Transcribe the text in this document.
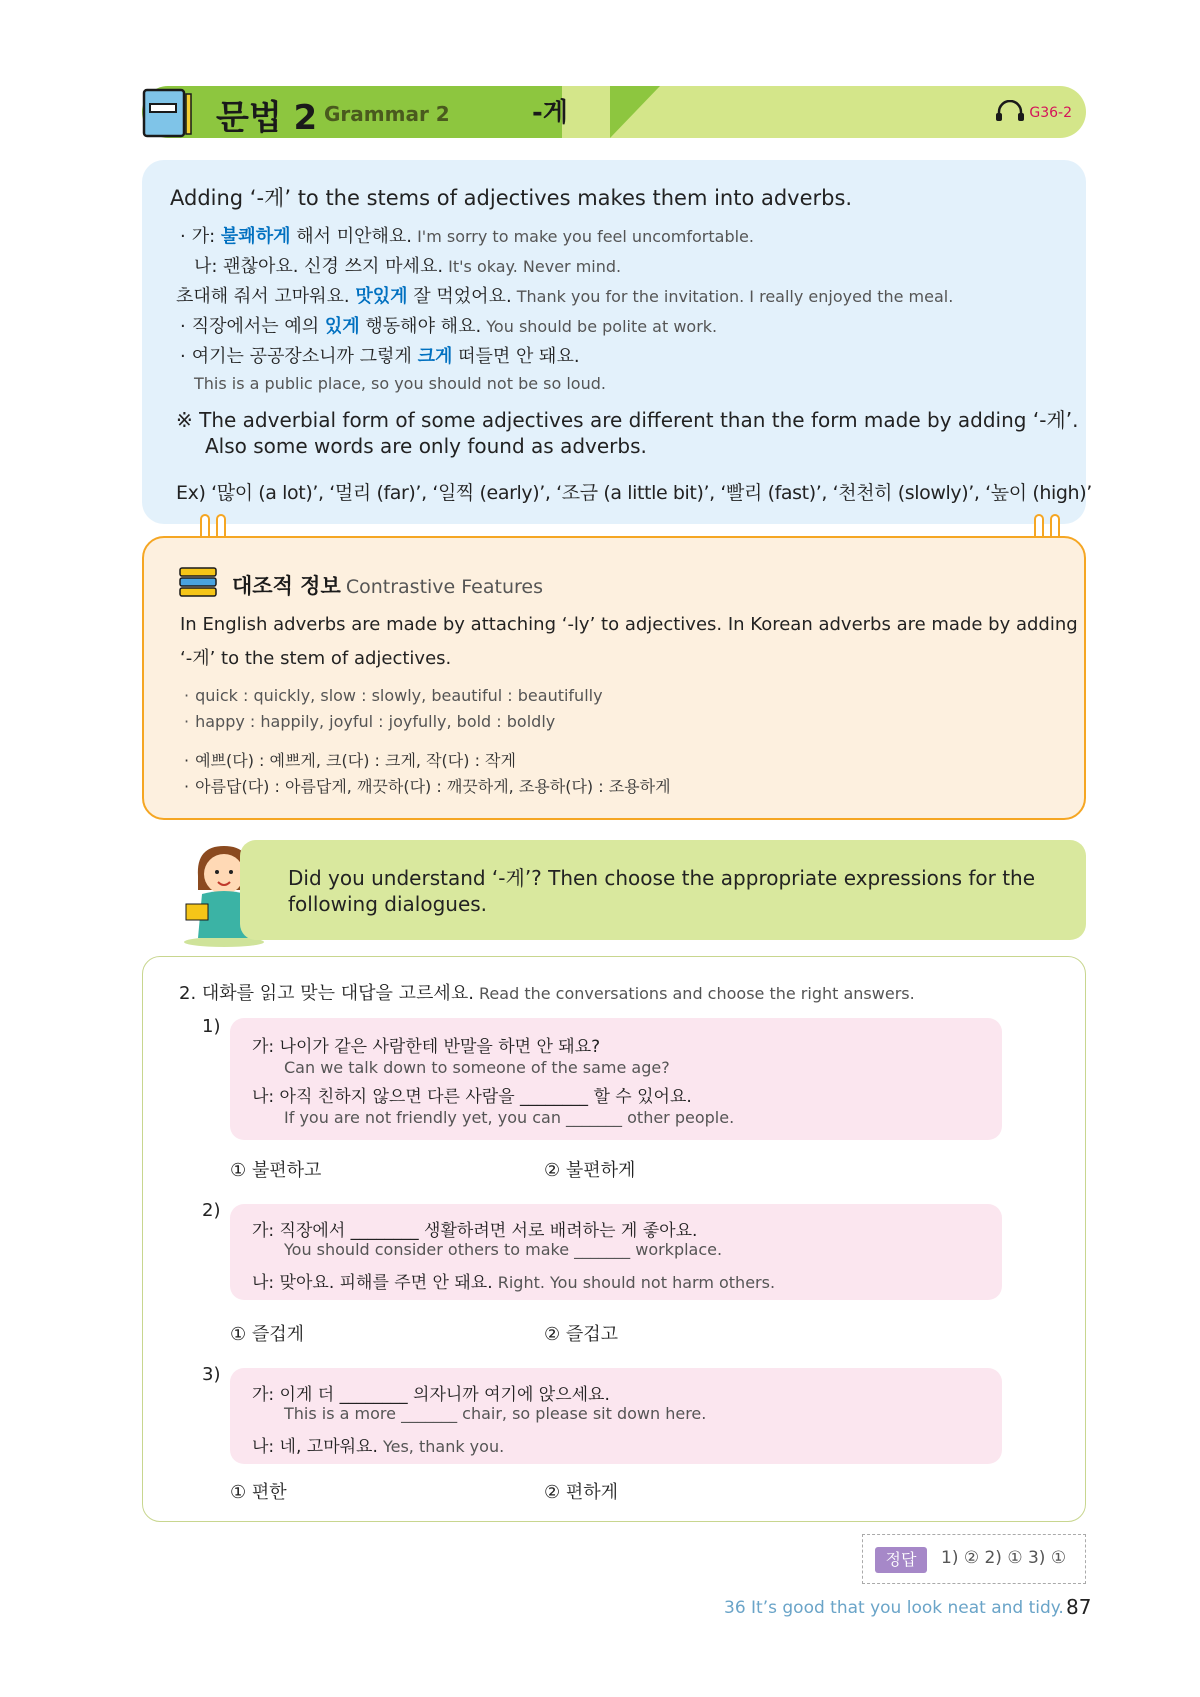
문법 2 Grammar 2	-게	G36-2
Adding ‘-게’ to the stems of adjectives makes them into adverbs.
· 가: 불쾌하게 해서 미안해요. I'm sorry to make you feel uncomfortable.
나: 괜찮아요. 신경 쓰지 마세요. It's okay. Never mind.
초대해 줘서 고마워요. 맛있게 잘 먹었어요. Thank you for the invitation. I really enjoyed the meal.
· 직장에서는 예의 있게 행동해야 해요. You should be polite at work.
· 여기는 공공장소니까 그렇게 크게 떠들면 안 돼요.
This is a public place, so you should not be so loud.
※ The adverbial form of some adjectives are different than the form made by adding ‘-게’.
Also some words are only found as adverbs.
Ex) ‘많이 (a lot)’, ‘멀리 (far)’, ‘일찍 (early)’, ‘조금 (a little bit)’, ‘빨리 (fast)’, ‘천천히 (slowly)’, ‘높이 (high)’
대조적 정보 Contrastive Features
In English adverbs are made by attaching ‘-ly’ to adjectives. In Korean adverbs are made by adding
‘-게’ to the stem of adjectives.
· quick : quickly, slow : slowly, beautiful : beautifully
· happy : happily, joyful : joyfully, bold : boldly
· 예쁘(다) : 예쁘게, 크(다) : 크게, 작(다) : 작게
· 아름답(다) : 아름답게, 깨끗하(다) : 깨끗하게, 조용하(다) : 조용하게
Did you understand ‘-게’? Then choose the appropriate expressions for the
following dialogues.
2. 대화를 읽고 맞는 대답을 고르세요. Read the conversations and choose the right answers.
1)
가: 나이가 같은 사람한테 반말을 하면 안 돼요?
Can we talk down to someone of the same age?
나: 아직 친하지 않으면 다른 사람을 ________ 할 수 있어요.
If you are not friendly yet, you can _______ other people.
① 불편하고	② 불편하게
2)
가: 직장에서 ________ 생활하려면 서로 배려하는 게 좋아요.
You should consider others to make _______ workplace.
나: 맞아요. 피해를 주면 안 돼요. Right. You should not harm others.
① 즐겁게	② 즐겁고
3)
가: 이게 더 ________ 의자니까 여기에 앉으세요.
This is a more _______ chair, so please sit down here.
나: 네, 고마워요. Yes, thank you.
① 편한	② 편하게
정답	1) ② 2) ① 3) ①
36 It’s good that you look neat and tidy. 87
